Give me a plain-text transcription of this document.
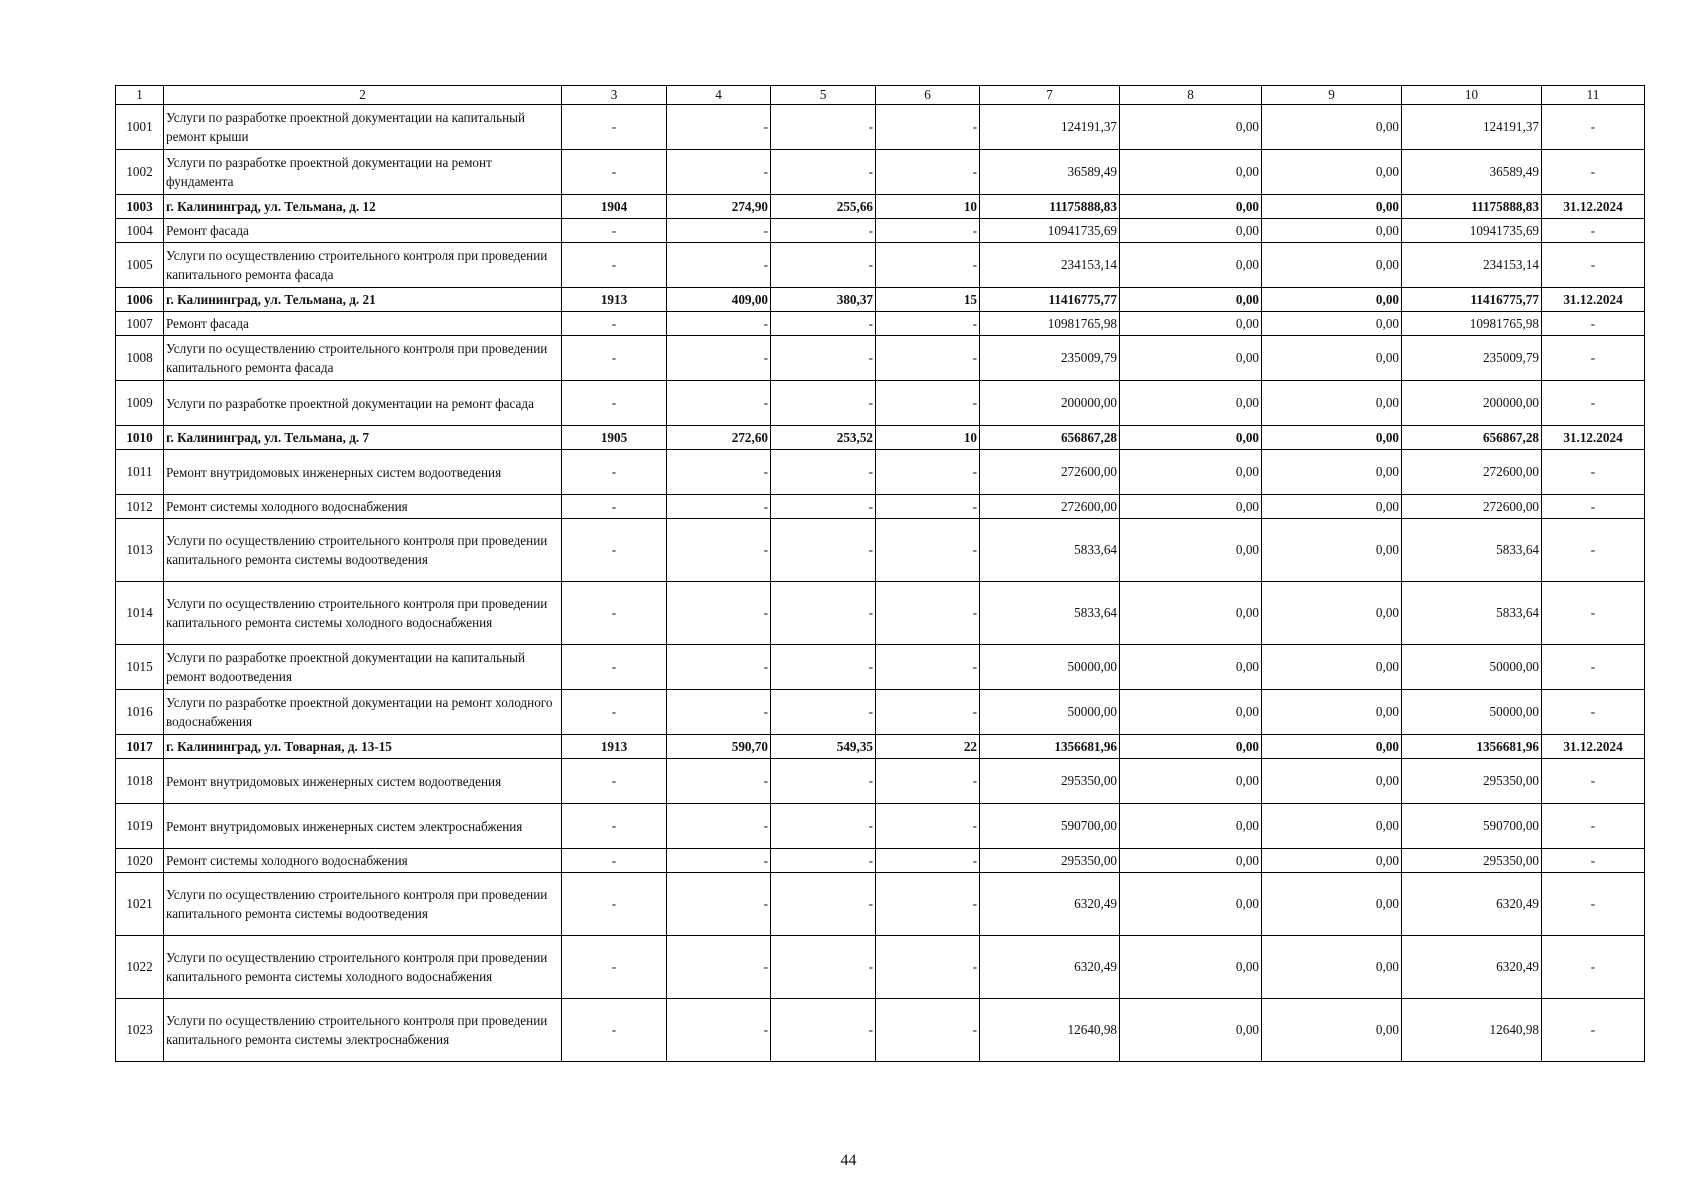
1	2	3	4	5	6	7	8	9	10	11
1001	Услуги по разработке проектной документации на капитальный ремонт крыши	-	-	-	-	124191,37	0,00	0,00	124191,37	-
1002	Услуги по разработке проектной документации на ремонт фундамента	-	-	-	-	36589,49	0,00	0,00	36589,49	-
1003	г. Калининград, ул. Тельмана, д. 12	1904	274,90	255,66	10	11175888,83	0,00	0,00	11175888,83	31.12.2024
1004	Ремонт фасада	-	-	-	-	10941735,69	0,00	0,00	10941735,69	-
1005	Услуги по осуществлению строительного контроля при проведении капитального ремонта фасада	-	-	-	-	234153,14	0,00	0,00	234153,14	-
1006	г. Калининград, ул. Тельмана, д. 21	1913	409,00	380,37	15	11416775,77	0,00	0,00	11416775,77	31.12.2024
1007	Ремонт фасада	-	-	-	-	10981765,98	0,00	0,00	10981765,98	-
1008	Услуги по осуществлению строительного контроля при проведении капитального ремонта фасада	-	-	-	-	235009,79	0,00	0,00	235009,79	-
1009	Услуги по разработке проектной документации на ремонт фасада	-	-	-	-	200000,00	0,00	0,00	200000,00	-
1010	г. Калининград, ул. Тельмана, д. 7	1905	272,60	253,52	10	656867,28	0,00	0,00	656867,28	31.12.2024
1011	Ремонт внутридомовых инженерных систем водоотведения	-	-	-	-	272600,00	0,00	0,00	272600,00	-
1012	Ремонт системы холодного водоснабжения	-	-	-	-	272600,00	0,00	0,00	272600,00	-
1013	Услуги по осуществлению строительного контроля при проведении капитального ремонта системы водоотведения	-	-	-	-	5833,64	0,00	0,00	5833,64	-
1014	Услуги по осуществлению строительного контроля при проведении капитального ремонта системы холодного водоснабжения	-	-	-	-	5833,64	0,00	0,00	5833,64	-
1015	Услуги по разработке проектной документации на капитальный ремонт водоотведения	-	-	-	-	50000,00	0,00	0,00	50000,00	-
1016	Услуги по разработке проектной документации на ремонт холодного водоснабжения	-	-	-	-	50000,00	0,00	0,00	50000,00	-
1017	г. Калининград, ул. Товарная, д. 13-15	1913	590,70	549,35	22	1356681,96	0,00	0,00	1356681,96	31.12.2024
1018	Ремонт внутридомовых инженерных систем водоотведения	-	-	-	-	295350,00	0,00	0,00	295350,00	-
1019	Ремонт внутридомовых инженерных систем электроснабжения	-	-	-	-	590700,00	0,00	0,00	590700,00	-
1020	Ремонт системы холодного водоснабжения	-	-	-	-	295350,00	0,00	0,00	295350,00	-
1021	Услуги по осуществлению строительного контроля при проведении капитального ремонта системы водоотведения	-	-	-	-	6320,49	0,00	0,00	6320,49	-
1022	Услуги по осуществлению строительного контроля при проведении капитального ремонта системы холодного водоснабжения	-	-	-	-	6320,49	0,00	0,00	6320,49	-
1023	Услуги по осуществлению строительного контроля при проведении капитального ремонта системы электроснабжения	-	-	-	-	12640,98	0,00	0,00	12640,98	-
44
